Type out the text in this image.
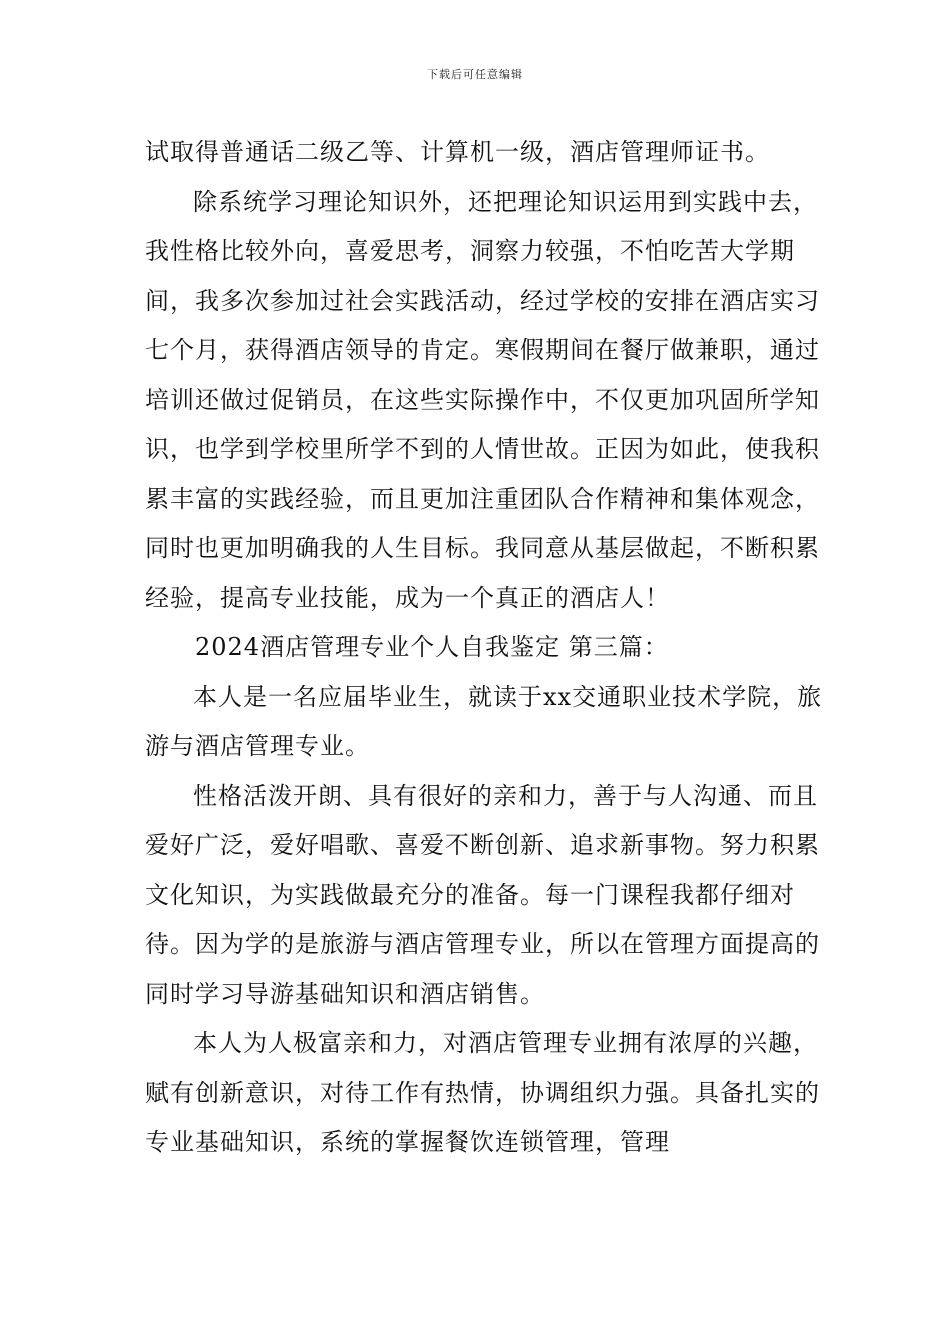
下载后可任意编辑

试取得普通话二级乙等、计算机一级，酒店管理师证书。

除系统学习理论知识外，还把理论知识运用到实践中去，我性格比较外向，喜爱思考，洞察力较强，不怕吃苦大学期间，我多次参加过社会实践活动，经过学校的安排在酒店实习七个月，获得酒店领导的肯定。寒假期间在餐厅做兼职，通过培训还做过促销员，在这些实际操作中，不仅更加巩固所学知识，也学到学校里所学不到的人情世故。正因为如此，使我积累丰富的实践经验，而且更加注重团队合作精神和集体观念，同时也更加明确我的人生目标。我同意从基层做起，不断积累经验，提高专业技能，成为一个真正的酒店人！

2024酒店管理专业个人自我鉴定 第三篇：

本人是一名应届毕业生，就读于xx交通职业技术学院，旅游与酒店管理专业。

性格活泼开朗、具有很好的亲和力，善于与人沟通、而且爱好广泛，爱好唱歌、喜爱不断创新、追求新事物。努力积累文化知识，为实践做最充分的准备。每一门课程我都仔细对待。因为学的是旅游与酒店管理专业，所以在管理方面提高的同时学习导游基础知识和酒店销售。

本人为人极富亲和力，对酒店管理专业拥有浓厚的兴趣，赋有创新意识，对待工作有热情，协调组织力强。具备扎实的专业基础知识，系统的掌握餐饮连锁管理，管理
